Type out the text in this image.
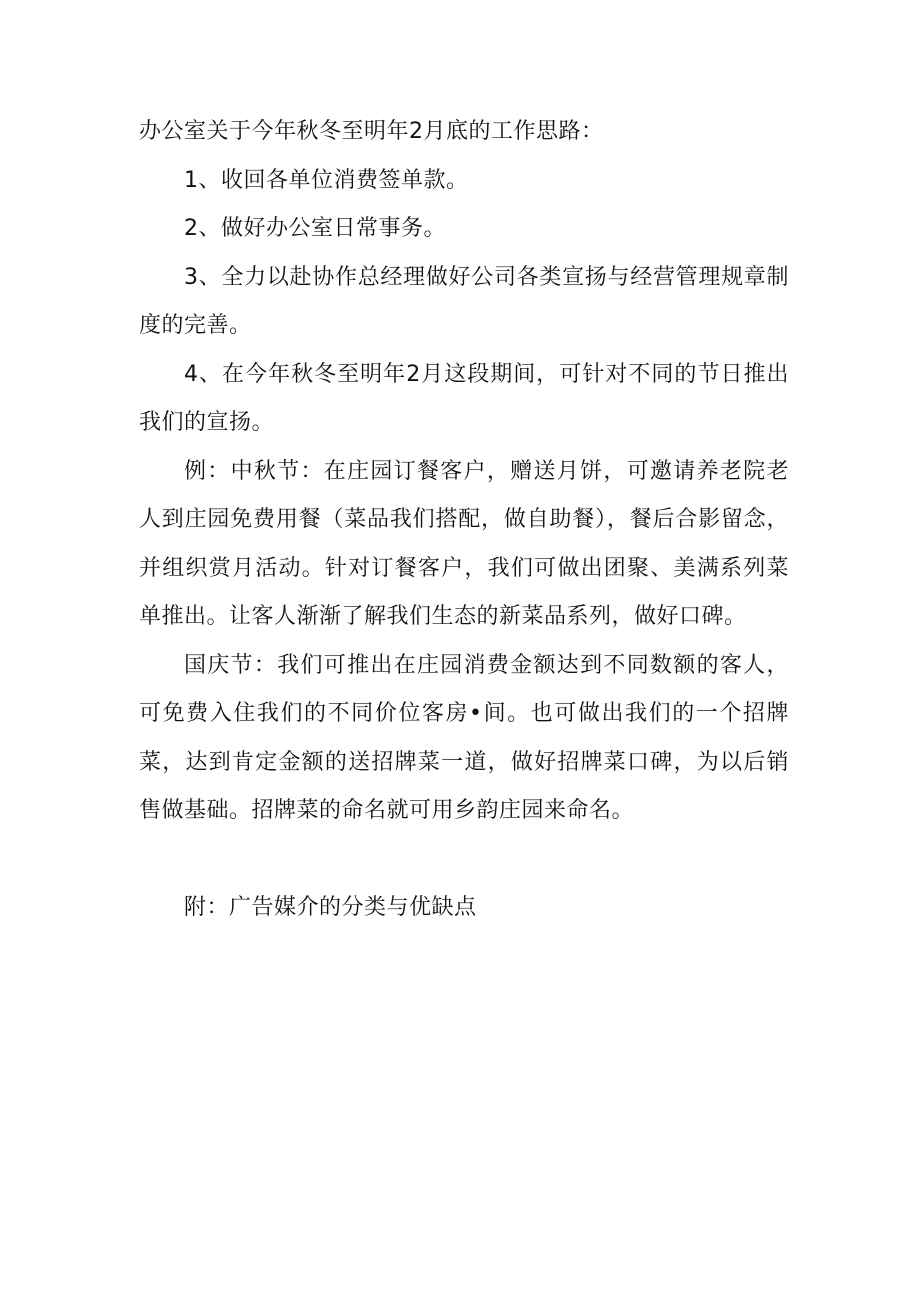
办公室关于今年秋冬至明年2月底的工作思路：

1、收回各单位消费签单款。

2、做好办公室日常事务。

3、全力以赴协作总经理做好公司各类宣扬与经营管理规章制度的完善。

4、在今年秋冬至明年2月这段期间，可针对不同的节日推出我们的宣扬。

例：中秋节：在庄园订餐客户，赠送月饼，可邀请养老院老人到庄园免费用餐（菜品我们搭配，做自助餐），餐后合影留念，并组织赏月活动。针对订餐客户，我们可做出团聚、美满系列菜单推出。让客人渐渐了解我们生态的新菜品系列，做好口碑。

国庆节：我们可推出在庄园消费金额达到不同数额的客人，可免费入住我们的不同价位客房•间。也可做出我们的一个招牌菜，达到肯定金额的送招牌菜一道，做好招牌菜口碑，为以后销售做基础。招牌菜的命名就可用乡韵庄园来命名。

附：广告媒介的分类与优缺点
